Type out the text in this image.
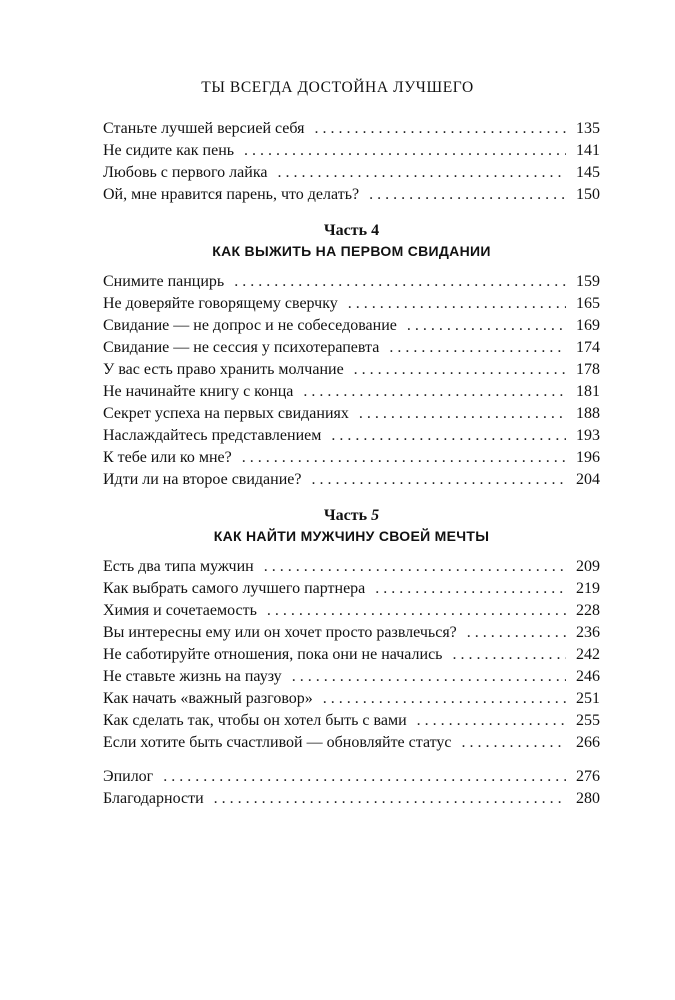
ТЫ ВСЕГДА ДОСТОЙНА ЛУЧШЕГО
Станьте лучшей версией себя . . .	135
Не сидите как пень . . .	141
Любовь с первого лайка . . .	145
Ой, мне нравится парень, что делать? . . .	150
Часть 4
КАК ВЫЖИТЬ НА ПЕРВОМ СВИДАНИИ
Снимите панцирь . . .	159
Не доверяйте говорящему сверчку . . .	165
Свидание — не допрос и не собеседование . . .	169
Свидание — не сессия у психотерапевта . . .	174
У вас есть право хранить молчание . . .	178
Не начинайте книгу с конца . . .	181
Секрет успеха на первых свиданиях . . .	188
Наслаждайтесь представлением . . .	193
К тебе или ко мне? . . .	196
Идти ли на второе свидание? . . .	204
Часть 5
КАК НАЙТИ МУЖЧИНУ СВОЕЙ МЕЧТЫ
Есть два типа мужчин . . .	209
Как выбрать самого лучшего партнера . . .	219
Химия и сочетаемость . . .	228
Вы интересны ему или он хочет просто развлечься? . . .	236
Не саботируйте отношения, пока они не начались . . .	242
Не ставьте жизнь на паузу . . .	246
Как начать «важный разговор» . . .	251
Как сделать так, чтобы он хотел быть с вами . . .	255
Если хотите быть счастливой — обновляйте статус . . .	266
Эпилог . . .	276
Благодарности . . .	280
